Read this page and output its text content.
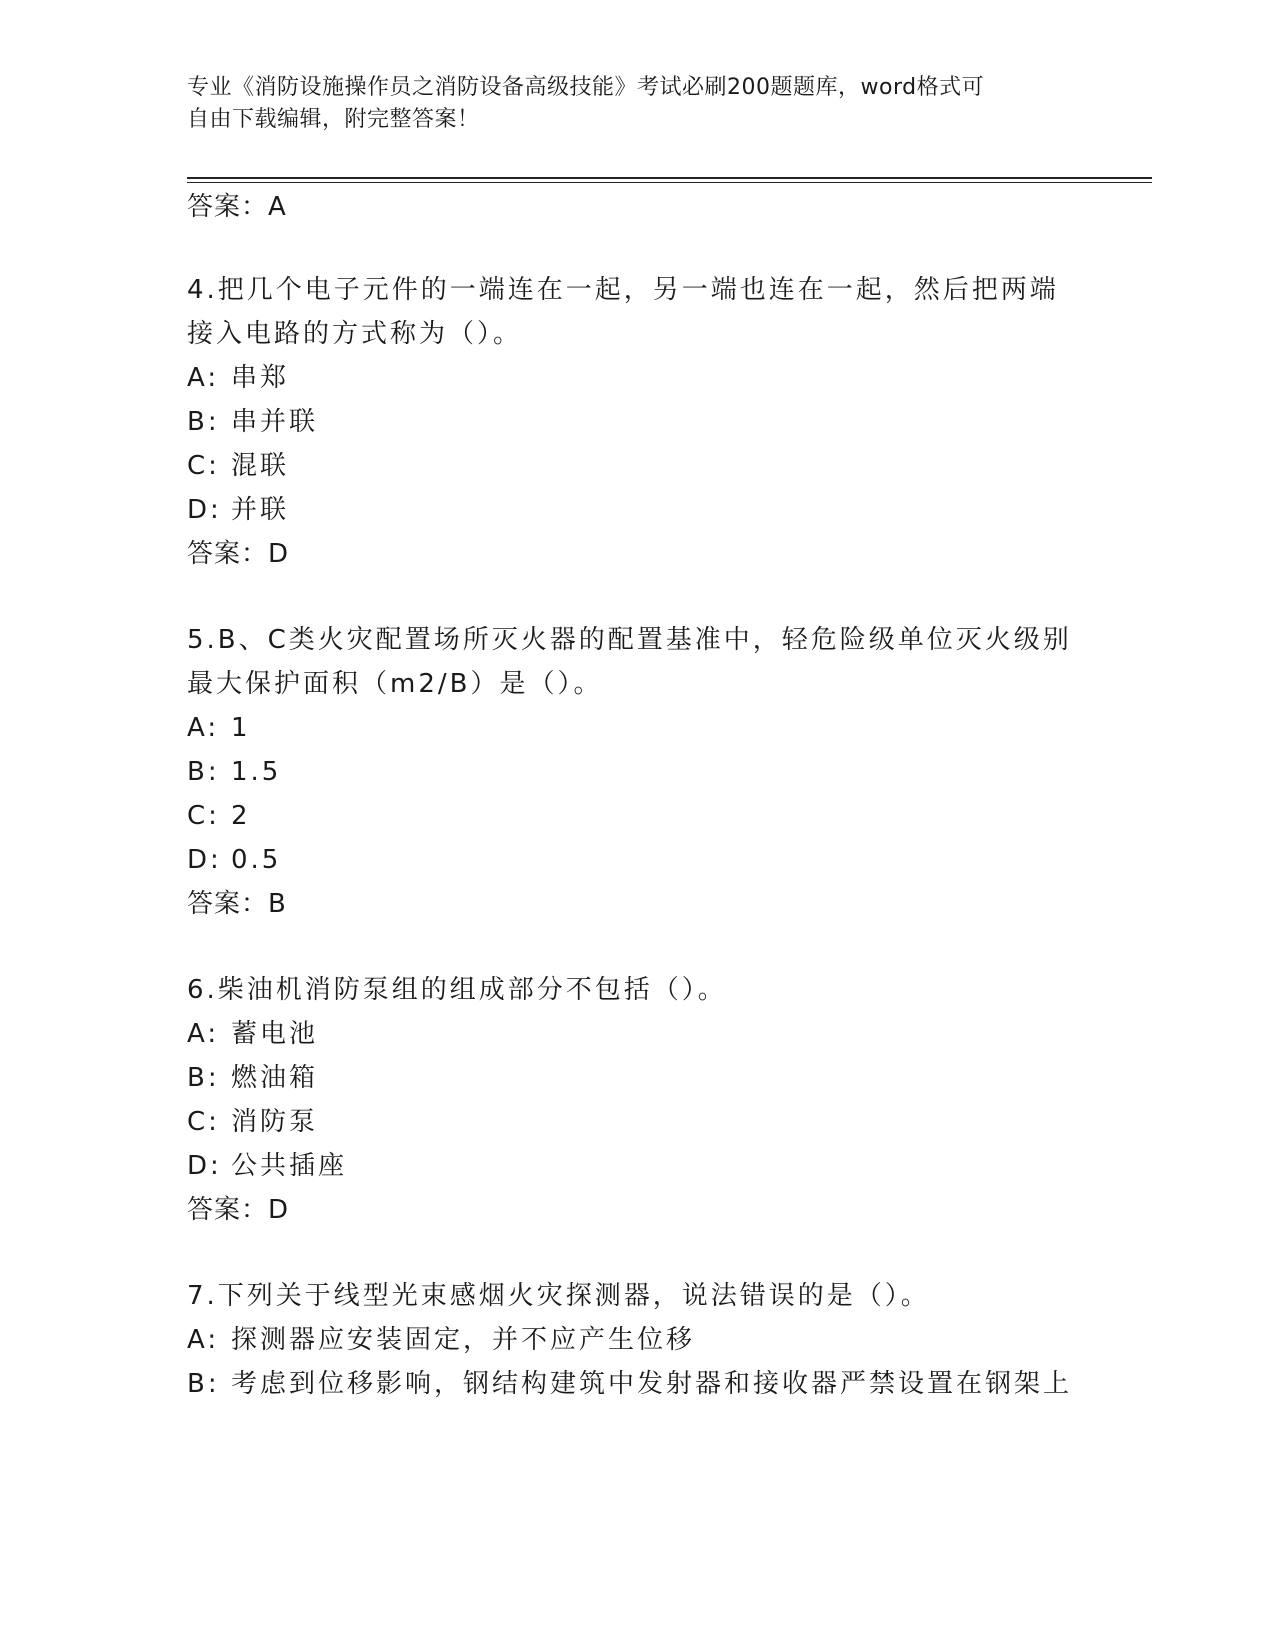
专业《消防设施操作员之消防设备高级技能》考试必刷200题题库，word格式可
自由下载编辑，附完整答案！
答案：A
4.把几个电子元件的一端连在一起，另一端也连在一起，然后把两端
接入电路的方式称为（）。
A: 串郑
B: 串并联
C: 混联
D: 并联
答案：D
5.B、C类火灾配置场所灭火器的配置基准中，轻危险级单位灭火级别
最大保护面积（m2/B）是（）。
A: 1
B: 1.5
C: 2
D: 0.5
答案：B
6.柴油机消防泵组的组成部分不包括（）。
A: 蓄电池
B: 燃油箱
C: 消防泵
D: 公共插座
答案：D
7.下列关于线型光束感烟火灾探测器，说法错误的是（）。
A: 探测器应安装固定，并不应产生位移
B: 考虑到位移影响，钢结构建筑中发射器和接收器严禁设置在钢架上
